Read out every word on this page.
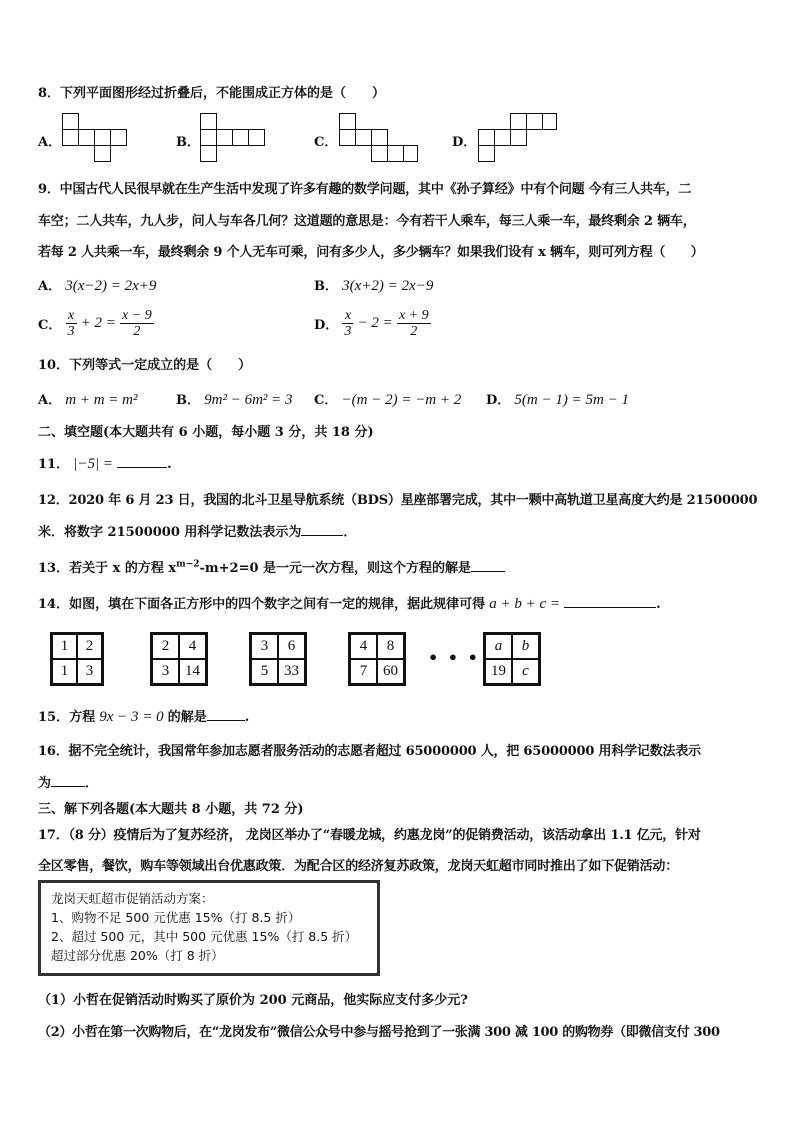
8．下列平面图形经过折叠后，不能围成正方体的是（　　）
A．	B．	C．	D．
9．中国古代人民很早就在生产生活中发现了许多有趣的数学问题，其中《孙子算经》中有个问题 今有三人共车，二
车空；二人共车，九人步，问人与车各几何？这道题的意思是：今有若干人乘车，每三人乘一车，最终剩余 2 辆车，
若每 2 人共乘一车，最终剩余 9 个人无车可乘，问有多少人，多少辆车？如果我们设有 x 辆车，则可列方程（　　）
A． 3(x−2) = 2x+9	B． 3(x+2) = 2x−9
C． $\frac{x}{3} + 2 = \frac{x - 9}{2}$	D． $\frac{x}{3} - 2 = \frac{x + 9}{2}$
10．下列等式一定成立的是（　　）
A． m + m = m²	B． 9m² − 6m² = 3 C． −(m − 2) = −m + 2 D． 5(m − 1) = 5m − 1
二、填空题(本大题共有 6 小题，每小题 3 分，共 18 分)
11． |−5| =	.
12．2020 年 6 月 23 日，我国的北斗卫星导航系统（BDS）星座部署完成，其中一颗中高轨道卫星高度大约是 21500000
米．将数字 21500000 用科学记数法表示为	．
13．若关于 x 的方程 $x^{m-2}-m+2=0$ 是一元一次方程，则这个方程的解是
14．如图，填在下面各正方形中的四个数字之间有一定的规律，据此规律可得 a + b + c =	.
1	2
1	3
2	4
3	14
3	6
5	33
4	8
7	60
• • •
a	b
19	c
15．方程 9x − 3 = 0 的解是	.
16．据不完全统计，我国常年参加志愿者服务活动的志愿者超过 65000000 人，把 65000000 用科学记数法表示
为	．
三、解下列各题(本大题共 8 小题，共 72 分)
17．（8 分）疫情后为了复苏经济， 龙岗区举办了“春暖龙城，约惠龙岗”的促销费活动，该活动拿出 1.1 亿元，针对
全区零售，餐饮，购车等领域出台优惠政策．为配合区的经济复苏政策，龙岗天虹超市同时推出了如下促销活动：
龙岗天虹超市促销活动方案：
1、购物不足 500 元优惠 15%（打 8.5 折）
2、超过 500 元，其中 500 元优惠 15%（打 8.5 折）
超过部分优惠 20%（打 8 折）
（1）小哲在促销活动时购买了原价为 200 元商品，他实际应支付多少元?
（2）小哲在第一次购物后，在“龙岗发布”微信公众号中参与摇号抢到了一张满 300 减 100 的购物券（即微信支付 300
